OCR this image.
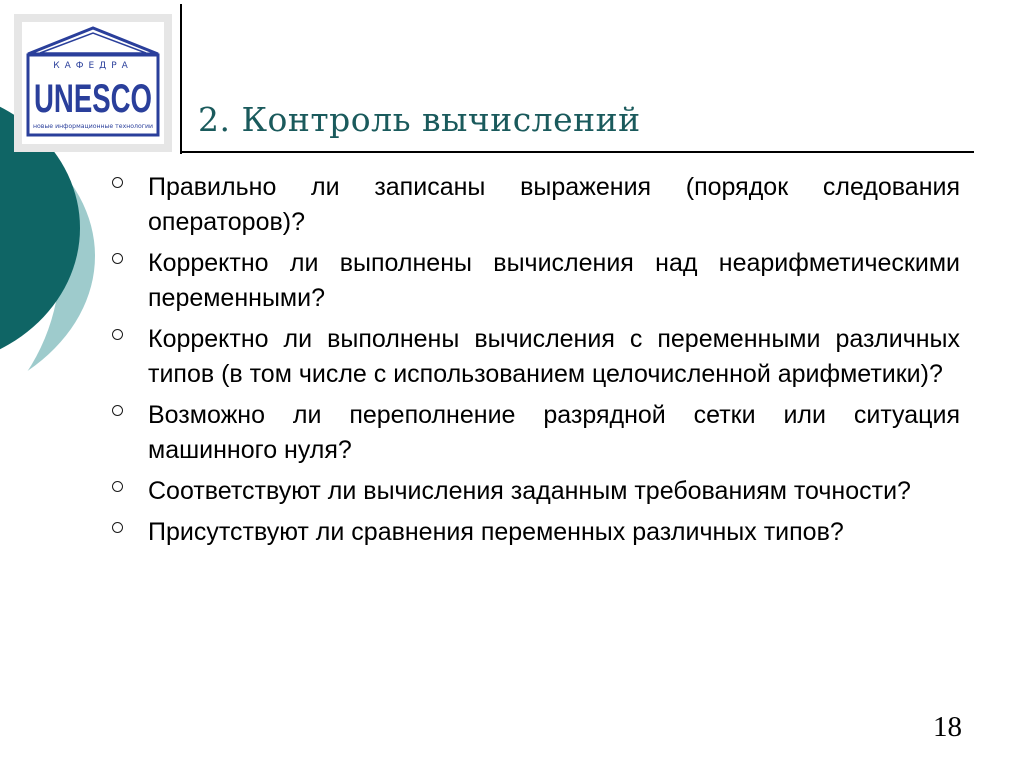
КАФЕДРА
UNESCO
новые информационные технологии 2. Контроль вычислений
Правильно ли записаны выражения (порядок следования операторов)?
Корректно ли выполнены вычисления над неарифметическими переменными?
Корректно ли выполнены вычисления с переменными различных типов (в том числе с использованием целочисленной арифметики)?
Возможно ли переполнение разрядной сетки или ситуация машинного нуля?
Соответствуют ли вычисления заданным требованиям точности?
Присутствуют ли сравнения переменных различных типов?
18
